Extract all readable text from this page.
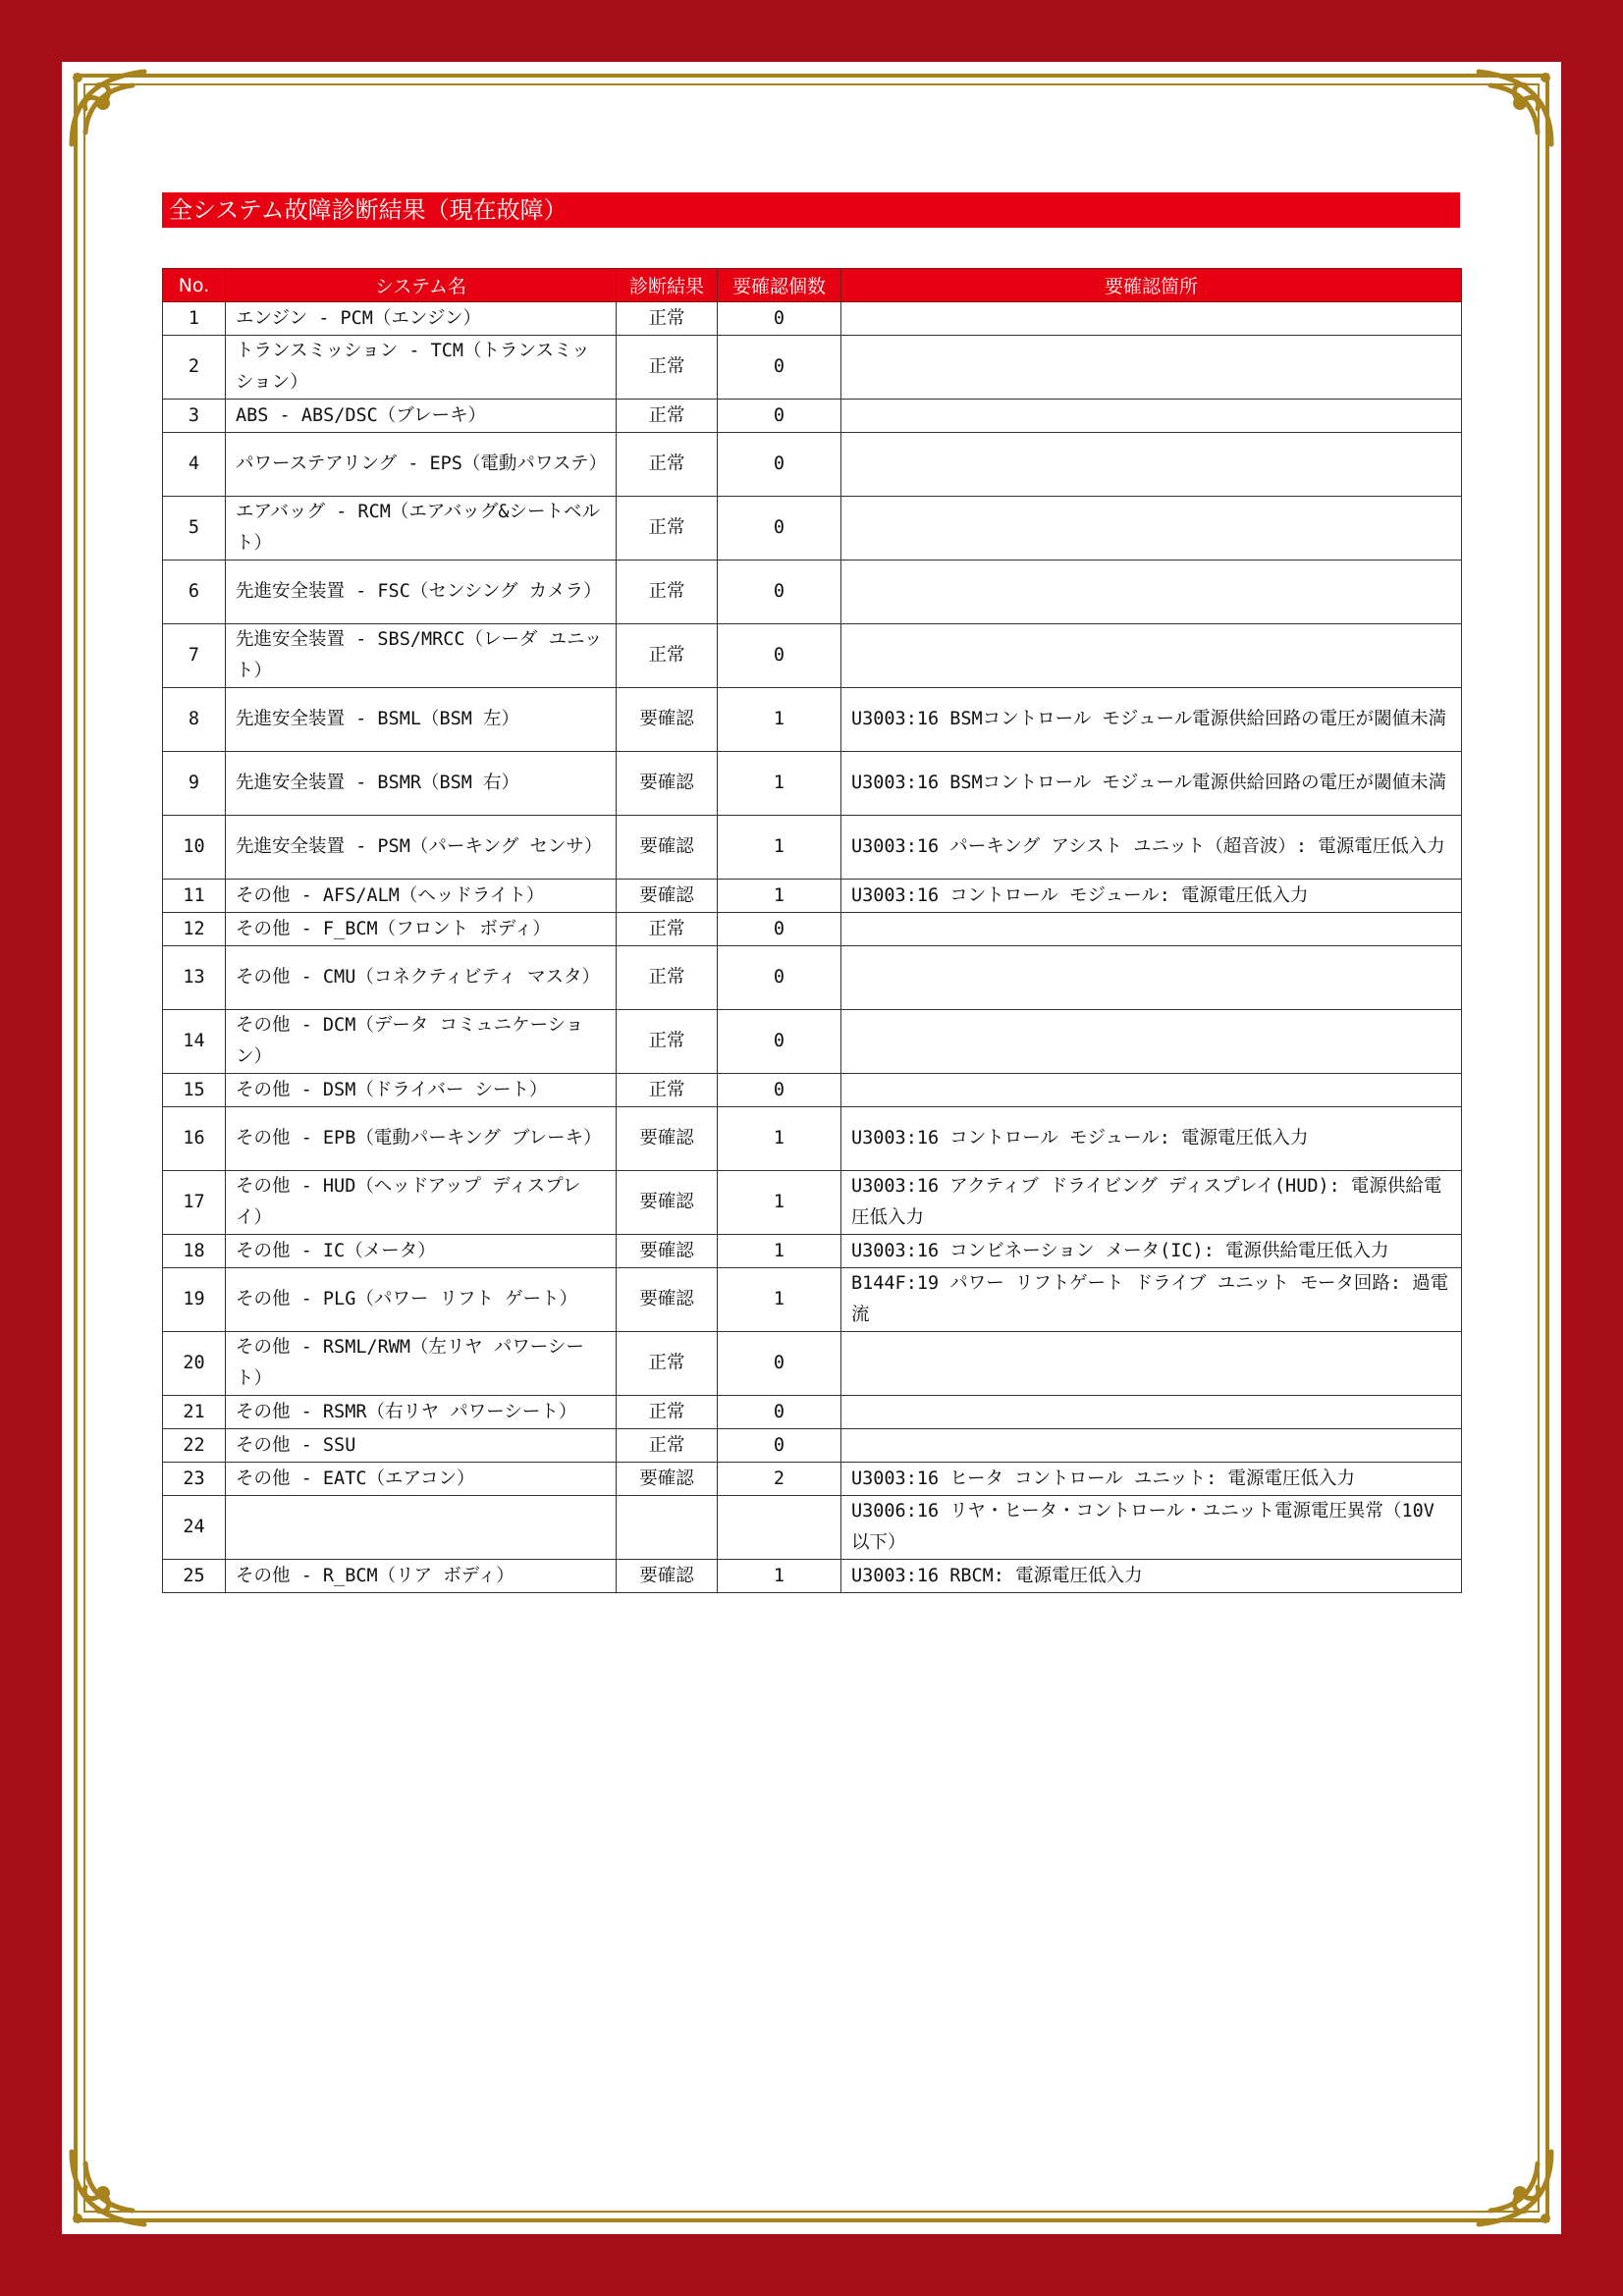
全システム故障診断結果（現在故障）
No.	システム名	診断結果	要確認個数	要確認箇所
1	エンジン - PCM（エンジン）	正常	0	
2	トランスミッション - TCM（トランスミッション）	正常	0	
3	ABS - ABS/DSC（ブレーキ）	正常	0	
4	パワーステアリング - EPS（電動パワステ）	正常	0	
5	エアバッグ - RCM（エアバッグ&シートベルト）	正常	0	
6	先進安全装置 - FSC（センシング カメラ）	正常	0	
7	先進安全装置 - SBS/MRCC（レーダ ユニット）	正常	0	
8	先進安全装置 - BSML（BSM 左）	要確認	1	U3003:16 BSMコントロール モジュール電源供給回路の電圧が閾値未満
9	先進安全装置 - BSMR（BSM 右）	要確認	1	U3003:16 BSMコントロール モジュール電源供給回路の電圧が閾値未満
10	先進安全装置 - PSM（パーキング センサ）	要確認	1	U3003:16 パーキング アシスト ユニット（超音波）: 電源電圧低入力
11	その他 - AFS/ALM（ヘッドライト）	要確認	1	U3003:16 コントロール モジュール: 電源電圧低入力
12	その他 - F_BCM（フロント ボディ）	正常	0	
13	その他 - CMU（コネクティビティ マスタ）	正常	0	
14	その他 - DCM（データ コミュニケーション）	正常	0	
15	その他 - DSM（ドライバー シート）	正常	0	
16	その他 - EPB（電動パーキング ブレーキ）	要確認	1	U3003:16 コントロール モジュール: 電源電圧低入力
17	その他 - HUD（ヘッドアップ ディスプレイ）	要確認	1	U3003:16 アクティブ ドライビング ディスプレイ(HUD): 電源供給電圧低入力
18	その他 - IC（メータ）	要確認	1	U3003:16 コンビネーション メータ(IC): 電源供給電圧低入力
19	その他 - PLG（パワー リフト ゲート）	要確認	1	B144F:19 パワー リフトゲート ドライブ ユニット モータ回路: 過電流
20	その他 - RSML/RWM（左リヤ パワーシート）	正常	0	
21	その他 - RSMR（右リヤ パワーシート）	正常	0	
22	その他 - SSU	正常	0	
23	その他 - EATC（エアコン）	要確認	2	U3003:16 ヒータ コントロール ユニット: 電源電圧低入力
24				U3006:16 リヤ・ヒータ・コントロール・ユニット電源電圧異常（10V以下）
25	その他 - R_BCM（リア ボディ）	要確認	1	U3003:16 RBCM: 電源電圧低入力
